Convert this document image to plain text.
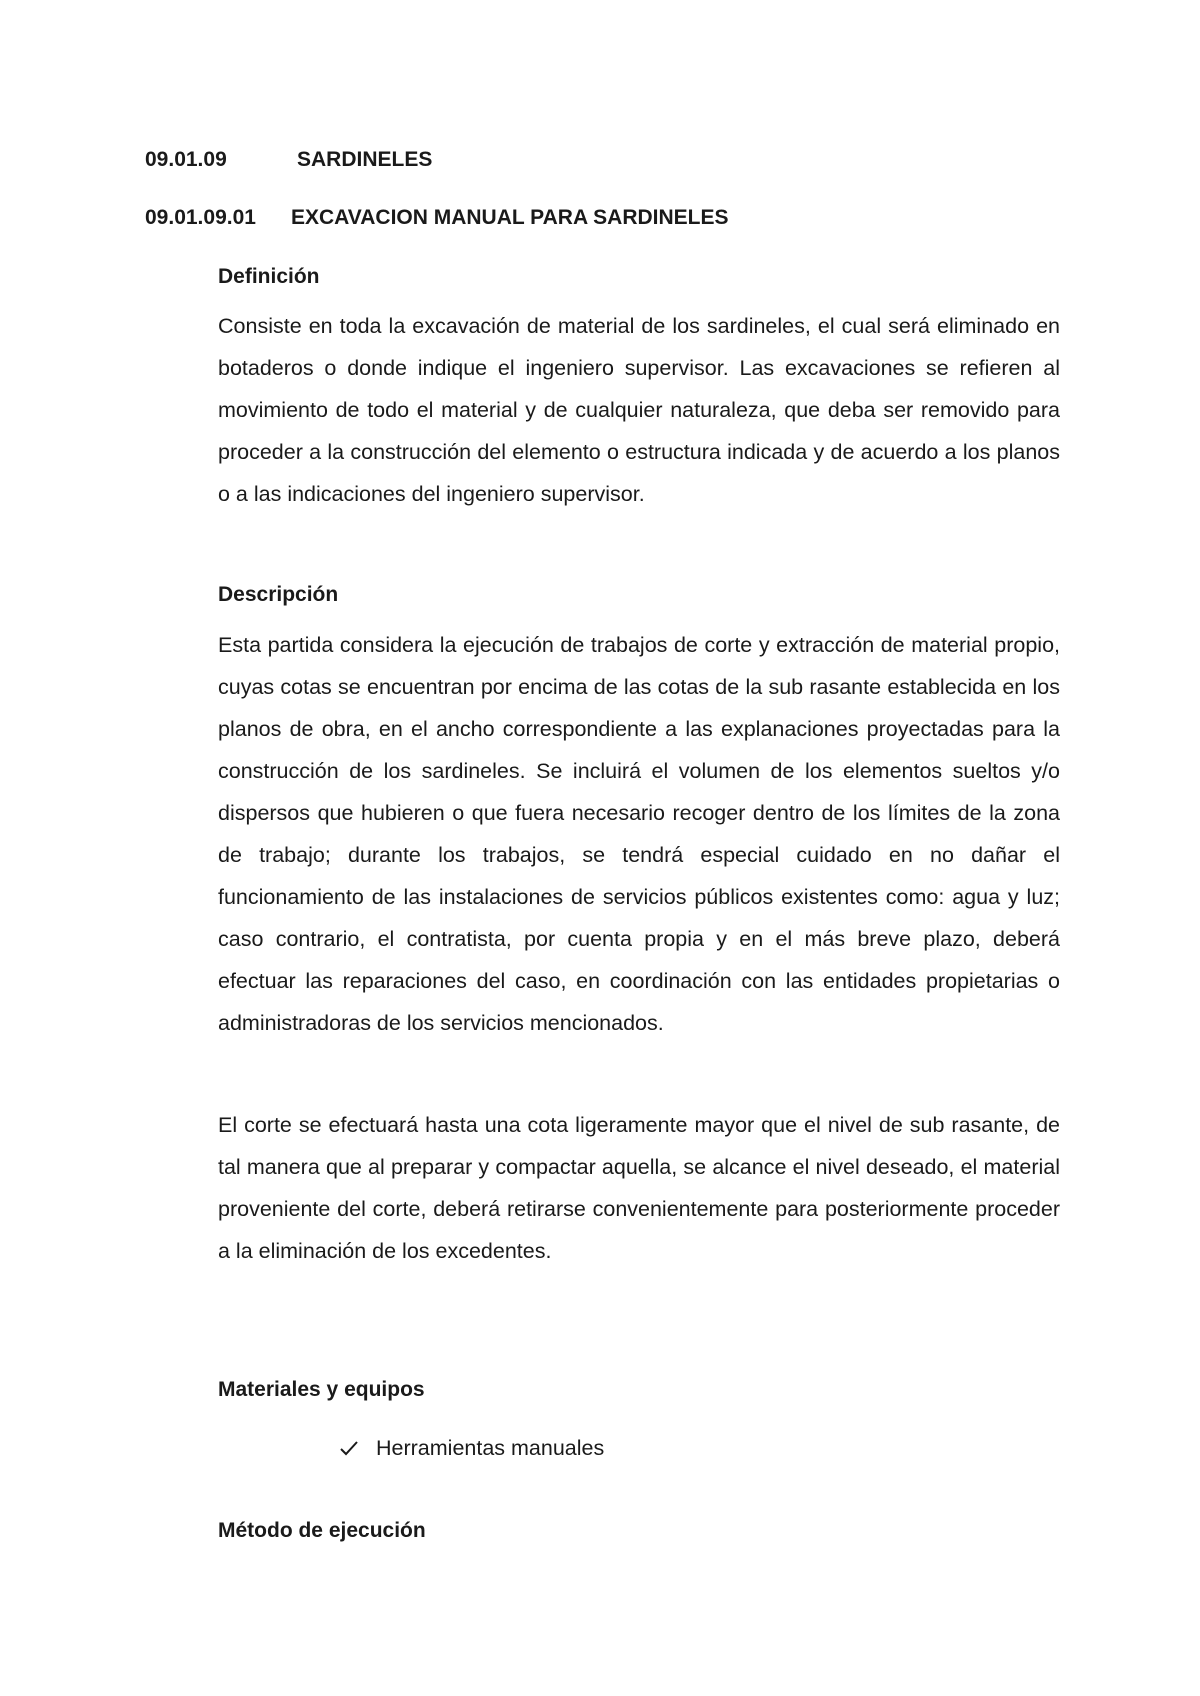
09.01.09	SARDINELES
09.01.09.01 EXCAVACION MANUAL PARA SARDINELES
Definición

Consiste en toda la excavación de material de los sardineles, el cual será eliminado en botaderos o donde indique el ingeniero supervisor. Las excavaciones se refieren al movimiento de todo el material y de cualquier naturaleza, que deba ser removido para proceder a la construcción del elemento o estructura indicada y de acuerdo a los planos o a las indicaciones del ingeniero supervisor.

Descripción

Esta partida considera la ejecución de trabajos de corte y extracción de material propio, cuyas cotas se encuentran por encima de las cotas de la sub rasante establecida en los planos de obra, en el ancho correspondiente a las explanaciones proyectadas para la construcción de los sardineles. Se incluirá el volumen de los elementos sueltos y/o dispersos que hubieren o que fuera necesario recoger dentro de los límites de la zona de trabajo; durante los trabajos, se tendrá especial cuidado en no dañar el funcionamiento de las instalaciones de servicios públicos existentes como: agua y luz; caso contrario, el contratista, por cuenta propia y en el más breve plazo, deberá efectuar las reparaciones del caso, en coordinación con las entidades propietarias o administradoras de los servicios mencionados.

El corte se efectuará hasta una cota ligeramente mayor que el nivel de sub rasante, de tal manera que al preparar y compactar aquella, se alcance el nivel deseado, el material proveniente del corte, deberá retirarse convenientemente para posteriormente proceder a la eliminación de los excedentes.

Materiales y equipos
Herramientas manuales
Método de ejecución
